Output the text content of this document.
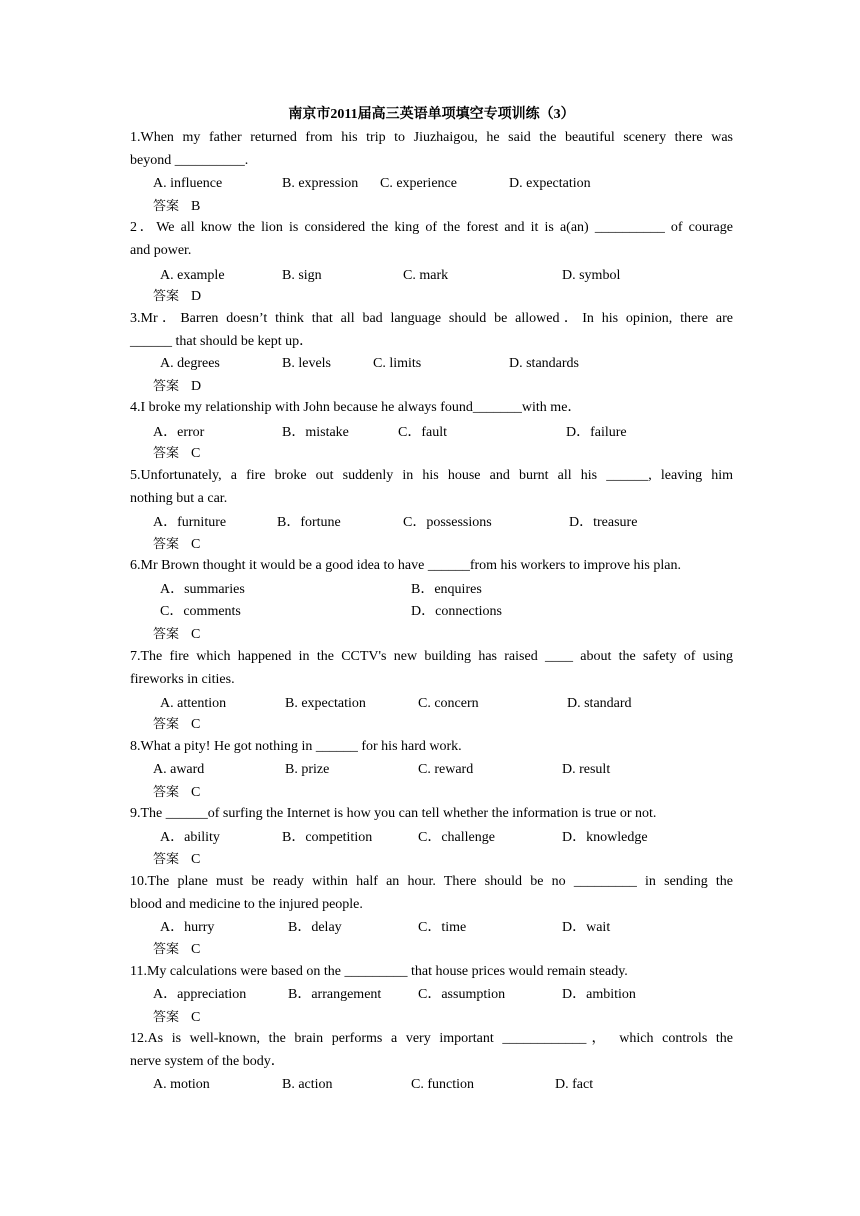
南京市2011届高三英语单项填空专项训练（3）
1.When my father returned from his trip to Jiuzhaigou, he said the beautiful scenery there was
beyond __________.
A. influence	B. expression C. experience	D. expectation
答案 B
2．We all know the lion is considered the king of the forest and it is a(an) __________ of courage
and power.
A. example	B. sign	C. mark	D. symbol
答案 D
3.Mr．Barren doesn’t think that all bad language should be allowed．In his opinion, there are
______ that should be kept up．
A. degrees	B. levels	C. limits	D. standards
答案 D
4.I broke my relationship with John because he always found_______with me．
A．error	B．mistake	C．fault	D．failure
答案 C
5.Unfortunately, a fire broke out suddenly in his house and burnt all his ______, leaving him
nothing but a car.
A．furniture	B．fortune	C．possessions	D．treasure
答案 C
6.Mr Brown thought it would be a good idea to have ______from his workers to improve his plan.
A．summaries	B．enquires
C．comments	D．connections
答案 C
7.The fire which happened in the CCTV's new building has raised ____ about the safety of using
fireworks in cities.
A. attention	B. expectation	C. concern	D. standard
答案 C
8.What a pity! He got nothing in ______ for his hard work.
A. award	B. prize	C. reward	D. result
答案 C
9.The ______of surfing the Internet is how you can tell whether the information is true or not.
A．ability	B．competition	C．challenge	D．knowledge
答案 C
10.The plane must be ready within half an hour. There should be no _________ in sending the
blood and medicine to the injured people.
A．hurry	B．delay	C．time	D．wait
答案 C
11.My calculations were based on the _________ that house prices would remain steady.
A．appreciation	B．arrangement	C．assumption	D．ambition
答案 C
12.As is well-known, the brain performs a very important ____________， which controls the
nerve system of the body．
A. motion	B. action	C. function	D. fact
